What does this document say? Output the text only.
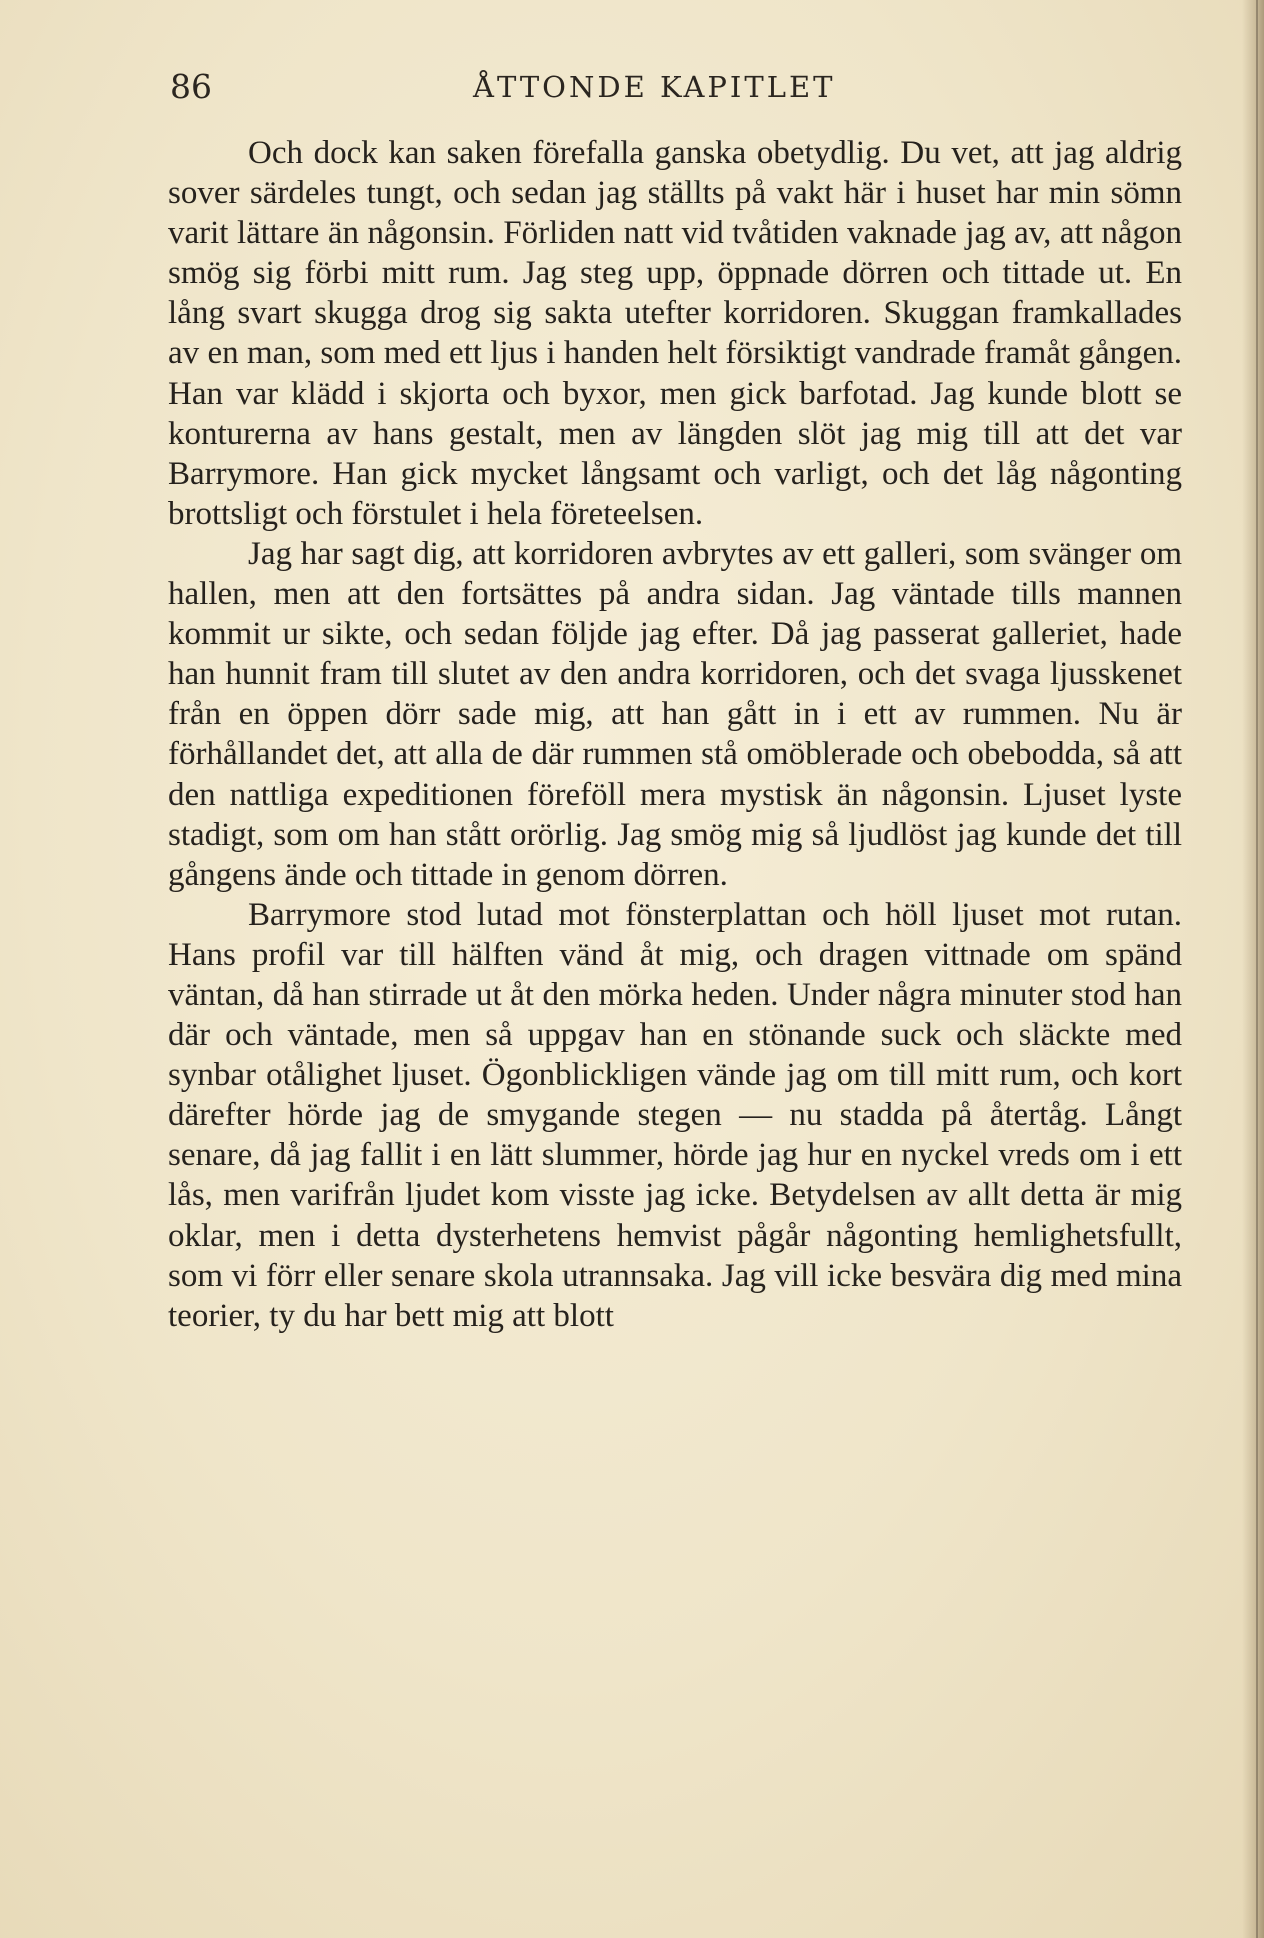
86	ÅTTONDE KAPITLET

Och dock kan saken förefalla ganska obetydlig. Du vet, att jag aldrig sover särdeles tungt, och sedan jag ställts på vakt här i huset har min sömn varit lättare än någonsin. Förliden natt vid tvåtiden vaknade jag av, att någon smög sig förbi mitt rum. Jag steg upp, öppnade dörren och tittade ut. En lång svart skugga drog sig sakta utefter korridoren. Skuggan framkallades av en man, som med ett ljus i handen helt försiktigt vandrade framåt gången. Han var klädd i skjorta och byxor, men gick barfotad. Jag kunde blott se konturerna av hans gestalt, men av längden slöt jag mig till att det var Barrymore. Han gick mycket långsamt och varligt, och det låg någonting brottsligt och förstulet i hela företeelsen.

Jag har sagt dig, att korridoren avbrytes av ett galleri, som svänger om hallen, men att den fortsättes på andra sidan. Jag väntade tills mannen kommit ur sikte, och sedan följde jag efter. Då jag passerat galleriet, hade han hunnit fram till slutet av den andra korridoren, och det svaga ljusskenet från en öppen dörr sade mig, att han gått in i ett av rummen. Nu är förhållandet det, att alla de där rummen stå omöblerade och obebodda, så att den nattliga expeditionen föreföll mera mystisk än någonsin. Ljuset lyste stadigt, som om han stått orörlig. Jag smög mig så ljudlöst jag kunde det till gångens ände och tittade in genom dörren.

Barrymore stod lutad mot fönsterplattan och höll ljuset mot rutan. Hans profil var till hälften vänd åt mig, och dragen vittnade om spänd väntan, då han stirrade ut åt den mörka heden. Under några minuter stod han där och väntade, men så uppgav han en stönande suck och släckte med synbar otålighet ljuset. Ögonblickligen vände jag om till mitt rum, och kort därefter hörde jag de smygande stegen — nu stadda på återtåg. Långt senare, då jag fallit i en lätt slummer, hörde jag hur en nyckel vreds om i ett lås, men varifrån ljudet kom visste jag icke. Betydelsen av allt detta är mig oklar, men i detta dysterhetens hemvist pågår någonting hemlighetsfullt, som vi förr eller senare skola utrannsaka. Jag vill icke besvära dig med mina teorier, ty du har bett mig att blott
